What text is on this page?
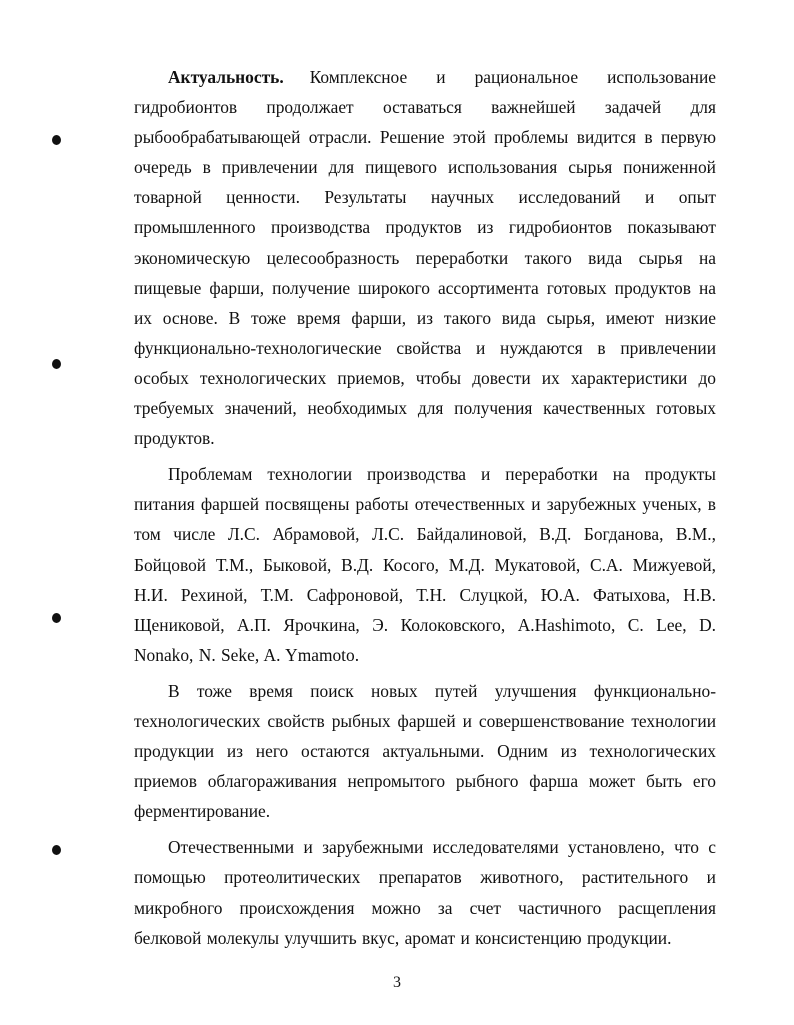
Актуальность. Комплексное и рациональное использование гидробионтов продолжает оставаться важнейшей задачей для рыбообрабатывающей отрасли. Решение этой проблемы видится в первую очередь в привлечении для пищевого использования сырья пониженной товарной ценности. Результаты научных исследований и опыт промышленного производства продуктов из гидробионтов показывают экономическую целесообразность переработки такого вида сырья на пищевые фарши, получение широкого ассортимента готовых продуктов на их основе. В тоже время фарши, из такого вида сырья, имеют низкие функционально-технологические свойства и нуждаются в привлечении особых технологических приемов, чтобы довести их характеристики до требуемых значений, необходимых для получения качественных готовых продуктов.

Проблемам технологии производства и переработки на продукты питания фаршей посвящены работы отечественных и зарубежных ученых, в том числе Л.С. Абрамовой, Л.С. Байдалиновой, В.Д. Богданова, В.М., Бойцовой Т.М., Быковой, В.Д. Косого, М.Д. Мукатовой, С.А. Мижуевой, Н.И. Рехиной, Т.М. Сафроновой, Т.Н. Слуцкой, Ю.А. Фатыхова, Н.В. Щениковой, А.П. Ярочкина, Э. Колоковского, A.Hashimoto, C. Lee, D. Nonako, N. Seke, A. Ymamoto.

В тоже время поиск новых путей улучшения функционально-технологических свойств рыбных фаршей и совершенствование технологии продукции из него остаются актуальными. Одним из технологических приемов облагораживания непромытого рыбного фарша может быть его ферментирование.

Отечественными и зарубежными исследователями установлено, что с помощью протеолитических препаратов животного, растительного и микробного происхождения можно за счет частичного расщепления белковой молекулы улучшить вкус, аромат и консистенцию продукции.

3
